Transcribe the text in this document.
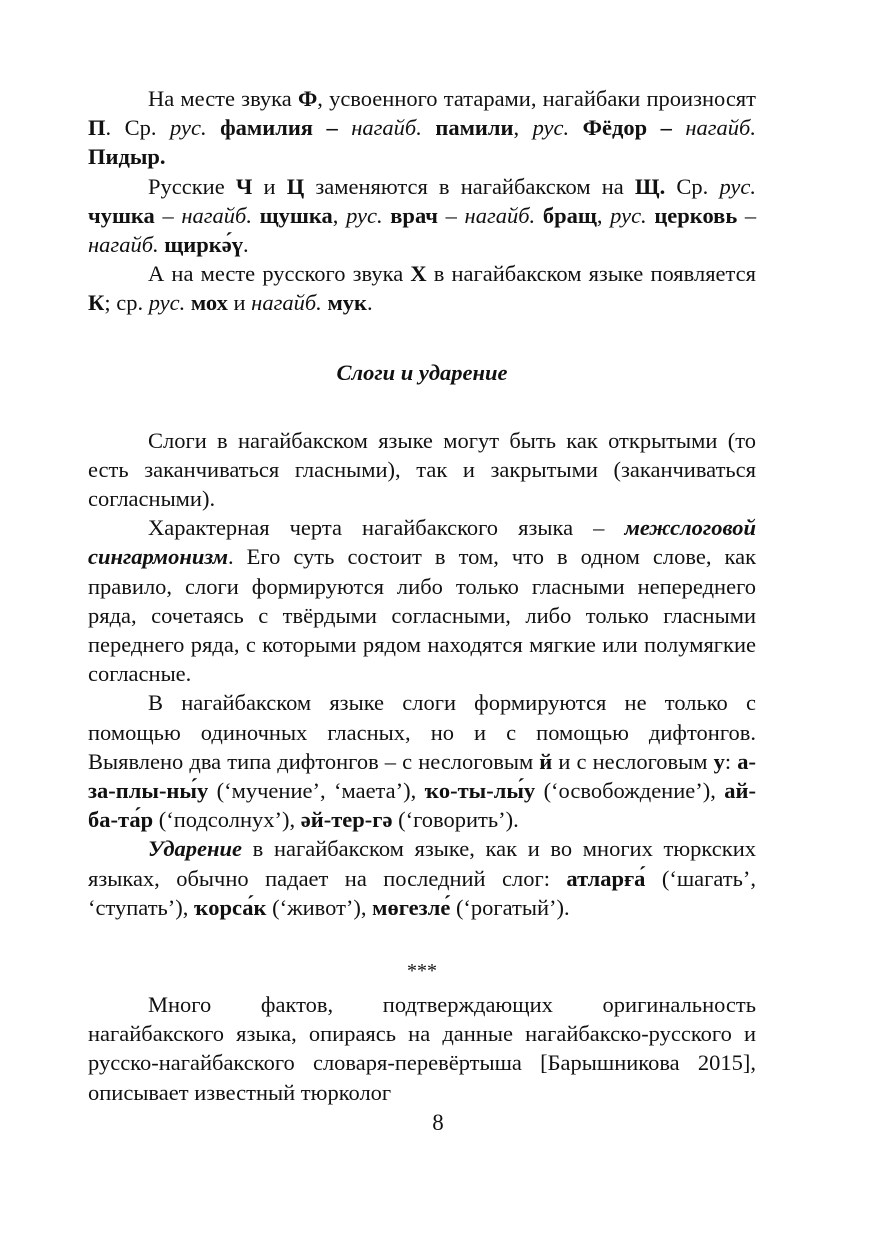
На месте звука Ф, усвоенного татарами, нагайбаки произносят П. Ср. рус. фамилия – нагайб. памили, рус. Фёдор – нагайб. Пидыр.

Русские Ч и Ц заменяются в нагайбакском на Щ. Ср. рус. чушка – нагайб. щушка, рус. врач – нагайб. бращ, рус. церковь – нагайб. щиркә́ү.

А на месте русского звука Х в нагайбакском языке появляется К; ср. рус. мох и нагайб. мук.

Слоги и ударение

Слоги в нагайбакском языке могут быть как открытыми (то есть заканчиваться гласными), так и закрытыми (заканчиваться согласными).

Характерная черта нагайбакского языка – межслоговой сингармонизм. Его суть состоит в том, что в одном слове, как правило, слоги формируются либо только гласными непереднего ряда, сочетаясь с твёрдыми согласными, либо только гласными переднего ряда, с которыми рядом находятся мягкие или полумягкие согласные.

В нагайбакском языке слоги формируются не только с помощью одиночных гласных, но и с помощью дифтонгов. Выявлено два типа дифтонгов – с неслоговым й и с неслоговым у: а-за-плы-ны́у (‘мучение’, ‘маета’), ҡо-ты-лы́у (‘освобождение’), ай-ба-та́р (‘подсолнух’), әй-тер-гә (‘говорить’).

Ударение в нагайбакском языке, как и во многих тюркских языках, обычно падает на последний слог: атларға́ (‘шагать’, ‘ступать’), ҡорса́к (‘живот’), мөгезле́ (‘рогатый’).

***

Много фактов, подтверждающих оригинальность нагайбакского языка, опираясь на данные нагайбакско-русского и русско-нагайбакского словаря-перевёртыша [Барышникова 2015], описывает известный тюрколог

8
